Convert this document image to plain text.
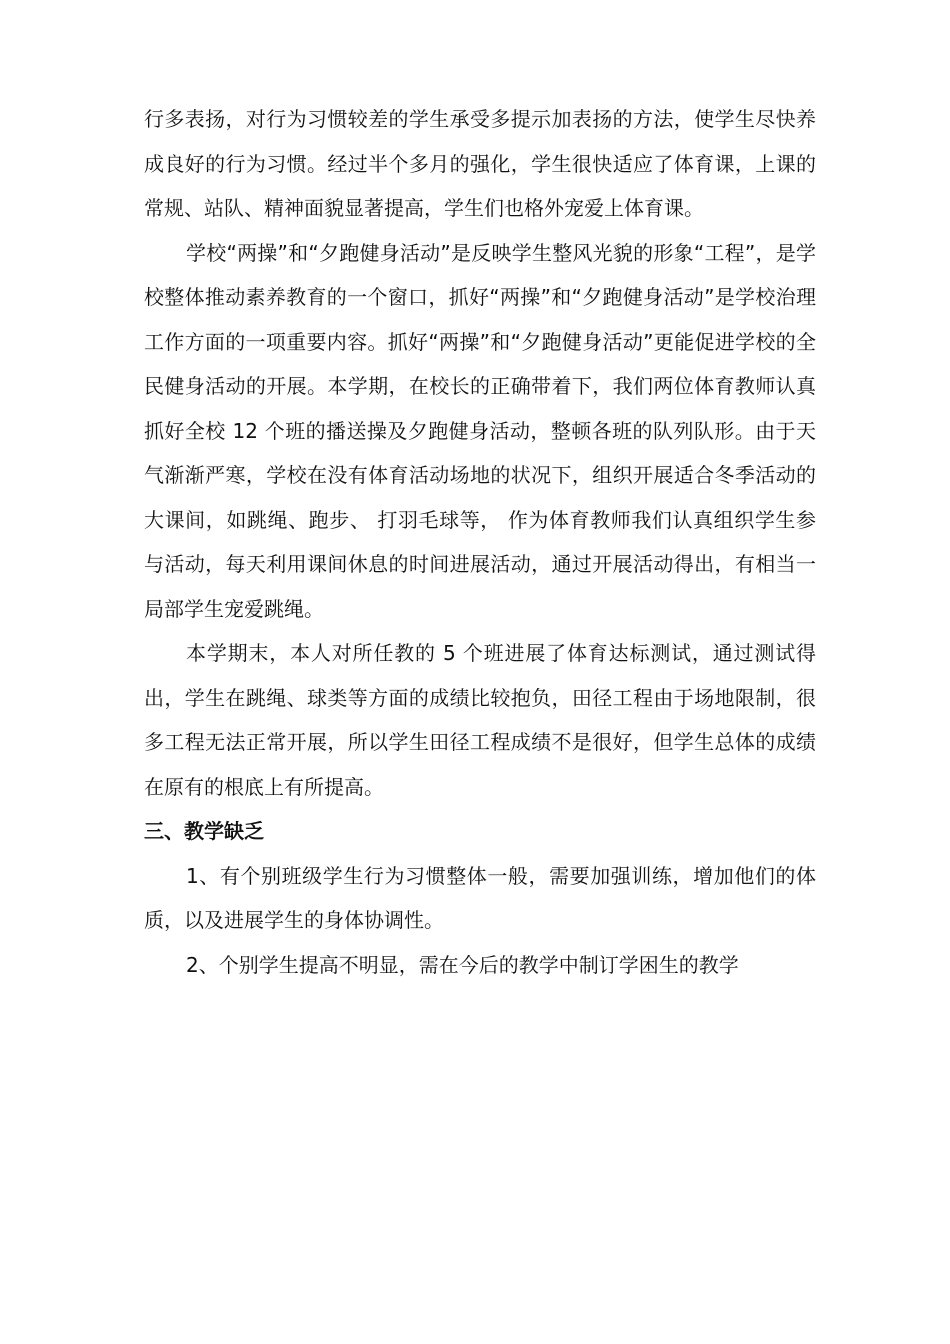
行多表扬，对行为习惯较差的学生承受多提示加表扬的方法，使学生尽快养成良好的行为习惯。经过半个多月的强化，学生很快适应了体育课，上课的常规、站队、精神面貌显著提高，学生们也格外宠爱上体育课。

学校“两操”和“夕跑健身活动”是反映学生整风光貌的形象“工程”，是学校整体推动素养教育的一个窗口，抓好“两操”和“夕跑健身活动”是学校治理工作方面的一项重要内容。抓好“两操”和“夕跑健身活动”更能促进学校的全民健身活动的开展。本学期，在校长的正确带着下，我们两位体育教师认真抓好全校 12 个班的播送操及夕跑健身活动，整顿各班的队列队形。由于天气渐渐严寒，学校在没有体育活动场地的状况下，组织开展适合冬季活动的大课间，如跳绳、跑步、 打羽毛球等， 作为体育教师我们认真组织学生参与活动，每天利用课间休息的时间进展活动，通过开展活动得出，有相当一局部学生宠爱跳绳。

本学期末，本人对所任教的 5 个班进展了体育达标测试，通过测试得出，学生在跳绳、球类等方面的成绩比较抱负，田径工程由于场地限制，很多工程无法正常开展，所以学生田径工程成绩不是很好，但学生总体的成绩在原有的根底上有所提高。

三、教学缺乏

1、有个别班级学生行为习惯整体一般，需要加强训练，增加他们的体质，以及进展学生的身体协调性。

2、个别学生提高不明显，需在今后的教学中制订学困生的教学
